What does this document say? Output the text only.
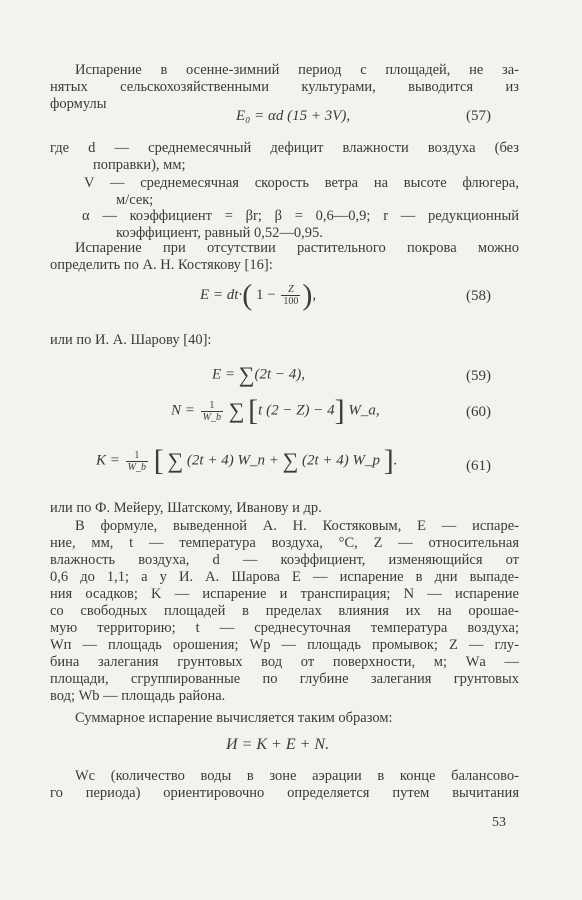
Испарение в осенне-зимний период с площадей, не за-
нятых сельскохозяйственными культурами, выводится из
формулы
E₀ = αd (15 + 3V),	(57)
где d — среднемесячный дефицит влажности воздуха (без
поправки), мм;
V — среднемесячная скорость ветра на высоте флюгера,
м/сек;
α — коэффициент = βr; β = 0,6—0,9; r — редукционный
коэффициент, равный 0,52—0,95.
Испарение при отсутствии растительного покрова можно
определить по А. Н. Костякову [16]:
E = dt·( $1 - \frac{Z}{100}$ ),	(58)
или по И. А. Шарову [40]:
E = ∑(2t − 4),	(59)
$N = \frac{1}{W\_b}$ ∑ [t (2 − Z) − 4] W_a,	(60)
$K = \frac{1}{W\_b}$ [ ∑ (2t + 4) W_n + ∑ (2t + 4) W_p ].	(61)
или по Ф. Мейеру, Шатскому, Иванову и др.
В формуле, выведенной А. Н. Костяковым, E — испаре-
ние, мм, t — температура воздуха, °С, Z — относительная
влажность воздуха, d — коэффициент, изменяющийся от
0,6 до 1,1; а у И. А. Шарова E — испарение в дни выпаде-
ния осадков; K — испарение и транспирация; N — испарение
со свободных площадей в пределах влияния их на орошае-
мую территорию; t — среднесуточная температура воздуха;
Wп — площадь орошения; Wр — площадь промывок; Z — глу-
бина залегания грунтовых вод от поверхности, м; Wа —
площади, сгруппированные по глубине залегания грунтовых
вод; Wb — площадь района.
Суммарное испарение вычисляется таким образом:
И = K + E + N.
Wс (количество воды в зоне аэрации в конце балансово-
го периода) ориентировочно определяется путем вычитания
53
